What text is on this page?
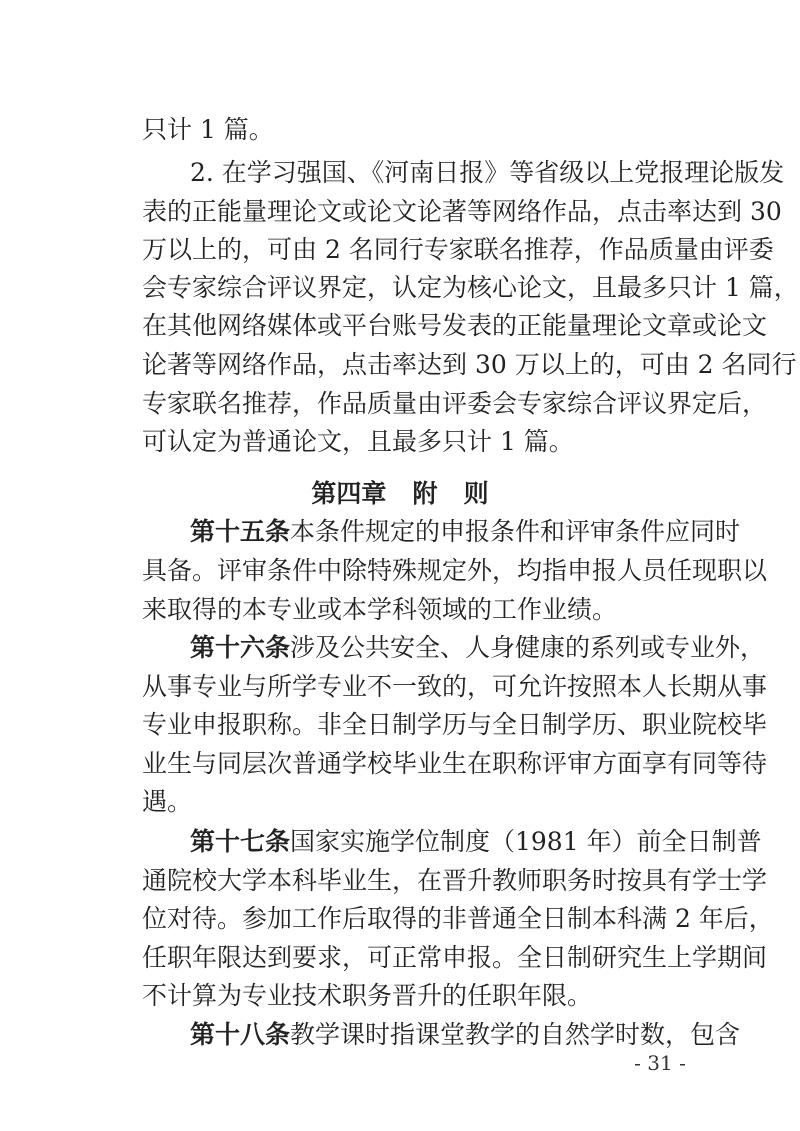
只计 1 篇。
2. 在学习强国、《河南日报》等省级以上党报理论版发
表的正能量理论文或论文论著等网络作品，点击率达到 30
万以上的，可由 2 名同行专家联名推荐，作品质量由评委
会专家综合评议界定，认定为核心论文，且最多只计 1 篇，
在其他网络媒体或平台账号发表的正能量理论文章或论文
论著等网络作品，点击率达到 30 万以上的，可由 2 名同行
专家联名推荐，作品质量由评委会专家综合评议界定后，
可认定为普通论文，且最多只计 1 篇。
第四章   附   则
第十五条 本条件规定的申报条件和评审条件应同时
具备。评审条件中除特殊规定外，均指申报人员任现职以
来取得的本专业或本学科领域的工作业绩。
第十六条 涉及公共安全、人身健康的系列或专业外，
从事专业与所学专业不一致的，可允许按照本人长期从事
专业申报职称。非全日制学历与全日制学历、职业院校毕
业生与同层次普通学校毕业生在职称评审方面享有同等待
遇。
第十七条 国家实施学位制度（1981 年）前全日制普
通院校大学本科毕业生，在晋升教师职务时按具有学士学
位对待。参加工作后取得的非普通全日制本科满 2 年后，
任职年限达到要求，可正常申报。全日制研究生上学期间
不计算为专业技术职务晋升的任职年限。
第十八条 教学课时指课堂教学的自然学时数，包含
- 31 -
